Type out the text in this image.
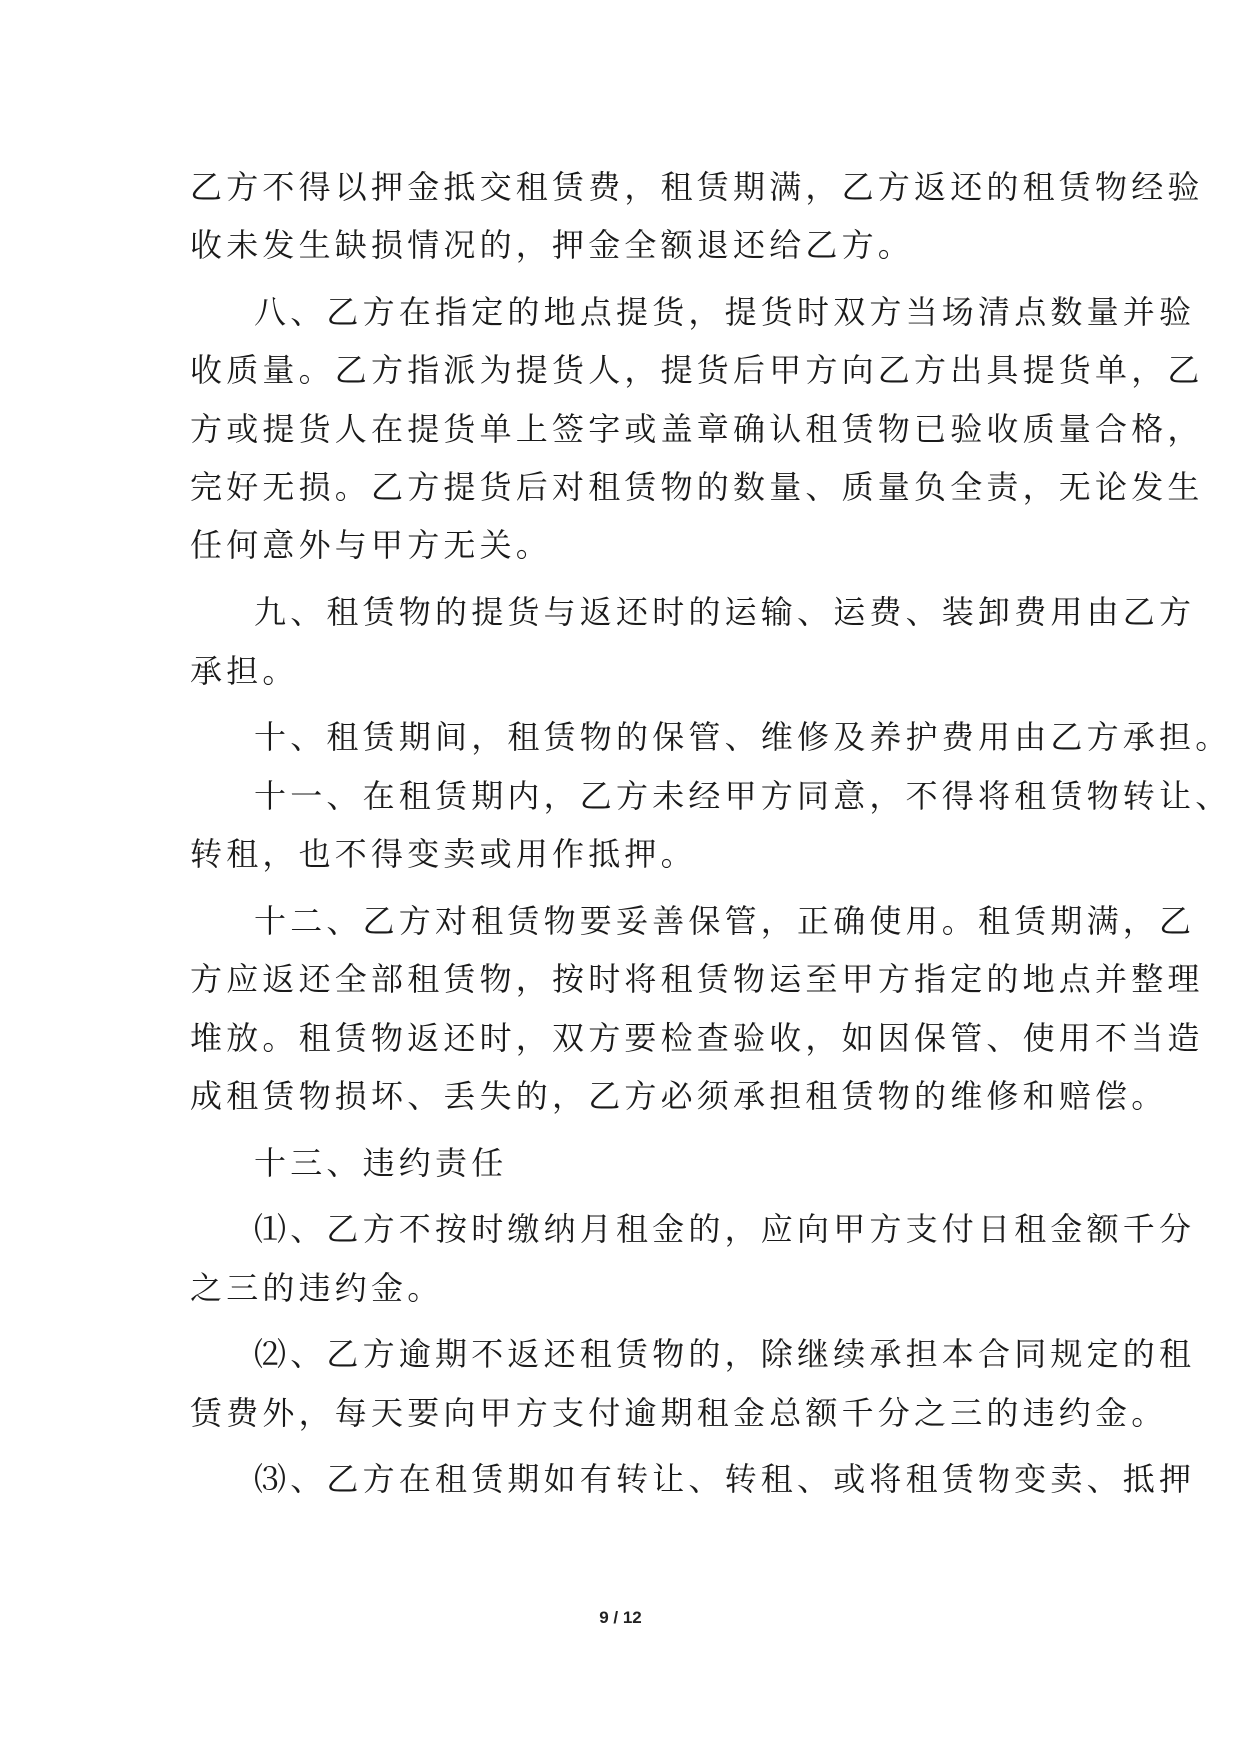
乙方不得以押金抵交租赁费，租赁期满，乙方返还的租赁物经验
收未发生缺损情况的，押金全额退还给乙方。
八、乙方在指定的地点提货，提货时双方当场清点数量并验
收质量。乙方指派为提货人，提货后甲方向乙方出具提货单，乙
方或提货人在提货单上签字或盖章确认租赁物已验收质量合格，
完好无损。乙方提货后对租赁物的数量、质量负全责，无论发生
任何意外与甲方无关。
九、租赁物的提货与返还时的运输、运费、装卸费用由乙方
承担。
十、租赁期间，租赁物的保管、维修及养护费用由乙方承担。
十一、在租赁期内，乙方未经甲方同意，不得将租赁物转让、
转租，也不得变卖或用作抵押。
十二、乙方对租赁物要妥善保管，正确使用。租赁期满，乙
方应返还全部租赁物，按时将租赁物运至甲方指定的地点并整理
堆放。租赁物返还时，双方要检查验收，如因保管、使用不当造
成租赁物损坏、丢失的，乙方必须承担租赁物的维修和赔偿。
十三、违约责任
⑴、乙方不按时缴纳月租金的，应向甲方支付日租金额千分
之三的违约金。
⑵、乙方逾期不返还租赁物的，除继续承担本合同规定的租
赁费外，每天要向甲方支付逾期租金总额千分之三的违约金。
⑶、乙方在租赁期如有转让、转租、或将租赁物变卖、抵押
9 / 12
